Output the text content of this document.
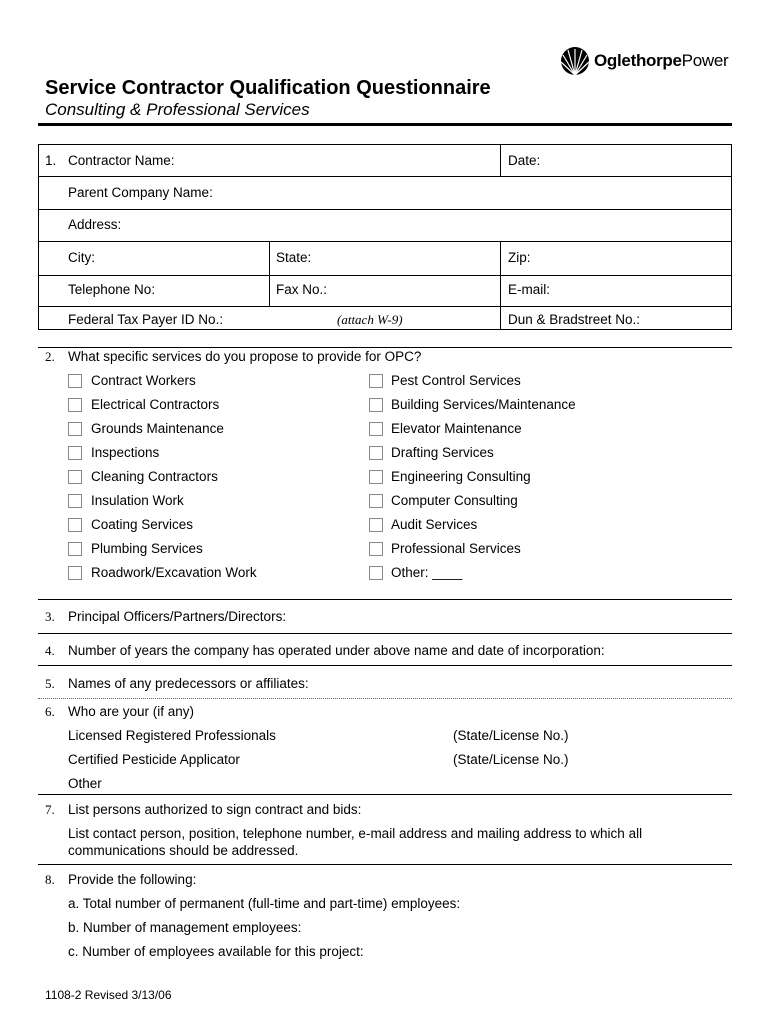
OglethorpePower
Service Contractor Qualification Questionnaire
Consulting & Professional Services
1. Contractor Name:	Date:
Parent Company Name:
Address:
City:	State:	Zip:
Telephone No:	Fax No.:	E-mail:
Federal Tax Payer ID No.:	(attach W-9)	Dun & Bradstreet No.:
2. What specific services do you propose to provide for OPC?
Contract Workers
Electrical Contractors
Grounds Maintenance
Inspections
Cleaning Contractors
Insulation Work
Coating Services
Plumbing Services
Roadwork/Excavation Work
Pest Control Services
Building Services/Maintenance
Elevator Maintenance
Drafting Services
Engineering Consulting
Computer Consulting
Audit Services
Professional Services
Other: ____
3. Principal Officers/Partners/Directors:
4. Number of years the company has operated under above name and date of incorporation:
5. Names of any predecessors or affiliates:
6. Who are your (if any)
Licensed Registered Professionals	(State/License No.)
Certified Pesticide Applicator	(State/License No.)
Other
7. List persons authorized to sign contract and bids:
List contact person, position, telephone number, e-mail address and mailing address to which all
communications should be addressed.
8. Provide the following:
a. Total number of permanent (full-time and part-time) employees:
b. Number of management employees:
c. Number of employees available for this project:
1108-2 Revised 3/13/06
